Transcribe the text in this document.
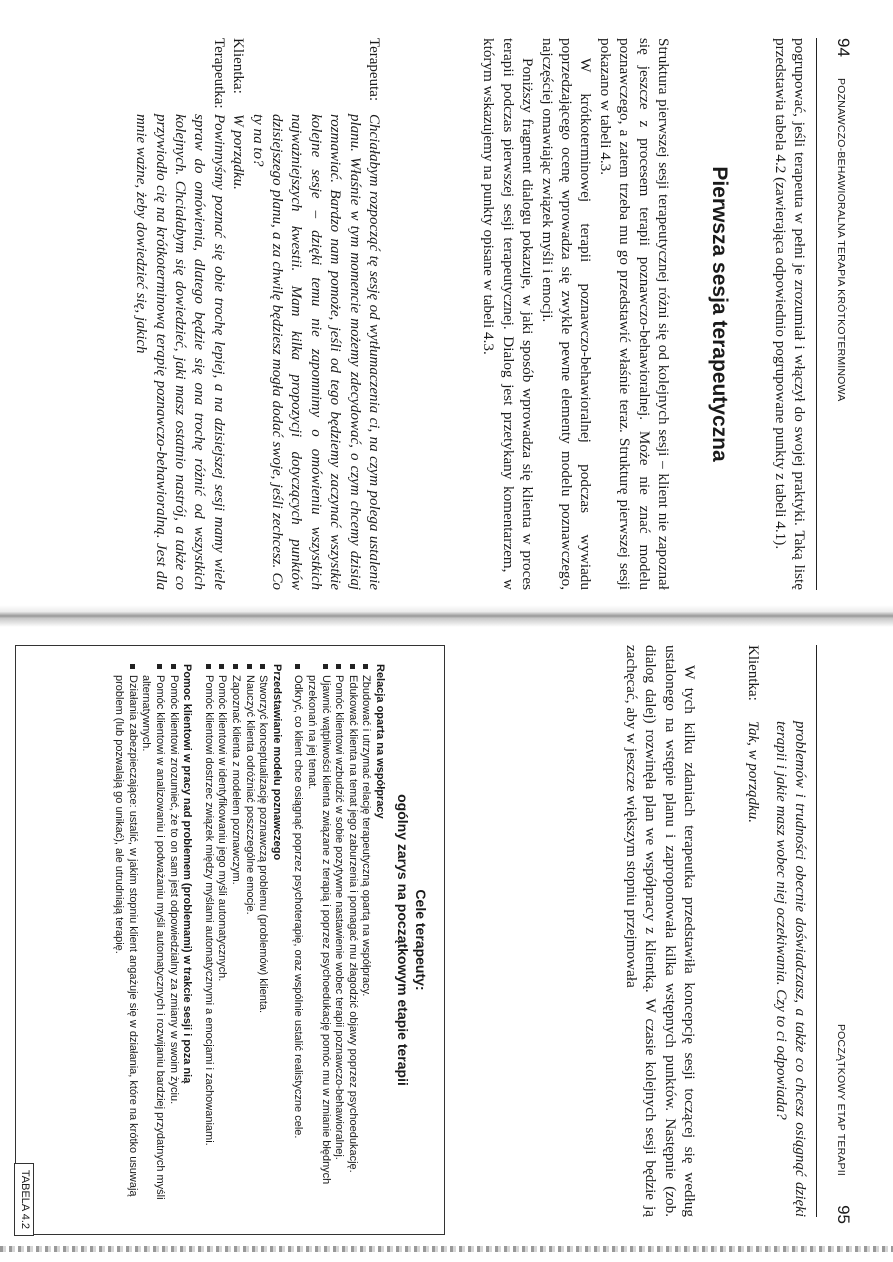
94
POZNAWCZO-BEHAWIORALNA TERAPIA KRÓTKOTERMINOWA

pogrupować, jeśli terapeuta w pełni je zrozumiał i włączył do swojej praktyki. Taką listę przedstawia tabela 4.2 (zawierająca odpowiednio pogrupowane punkty z tabeli 4.1).

Pierwsza sesja terapeutyczna

Struktura pierwszej sesji terapeutycznej różni się od kolejnych sesji – klient nie zapoznał się jeszcze z procesem terapii poznawczo-behawioralnej. Może nie znać modelu poznawczego, a zatem trzeba mu go przedstawić właśnie teraz. Strukturę pierwszej sesji pokazano w tabeli 4.3.

W krótkoterminowej terapii poznawczo-behawioralnej podczas wywiadu poprzedzającego ocenę wprowadza się zwykle pewne elementy modelu poznawczego, najczęściej omawiając związek myśli i emocji.

Poniższy fragment dialogu pokazuje, w jaki sposób wprowadza się klienta w proces terapii podczas pierwszej sesji terapeutycznej. Dialog jest przetykany komentarzem, w którym wskazujemy na punkty opisane w tabeli 4.3.

Terapeuta:
Chciałabym rozpocząć tę sesję od wytłumaczenia ci, na czym polega ustalenie planu. Właśnie w tym momencie możemy zdecydować, o czym chcemy dzisiaj rozmawiać. Bardzo nam pomoże, jeśli od tego będziemy zaczynać wszystkie kolejne sesje – dzięki temu nie zapomnimy o omówieniu wszystkich najważniejszych kwestii. Mam kilka propozycji dotyczących punktów dzisiejszego planu, a za chwilę będziesz mogła dodać swoje, jeśli zechcesz. Co ty na to?
Klientka:
W porządku.
Terapeutka:
Powinnyśmy poznać się obie trochę lepiej, a na dzisiejszej sesji mamy wiele spraw do omówienia, dlatego będzie się ona trochę różnić od wszystkich kolejnych. Chciałabym się dowiedzieć, jaki masz ostatnio nastrój, a także co przywiodło cię na krótkoterminową terapię poznawczo-behawioralną. Jest dla mnie ważne, żeby dowiedzieć się, jakich
POCZĄTKOWY ETAP TERAPII
95
problemów i trudności obecnie doświadczasz, a także co chcesz osiągnąć dzięki terapii i jakie masz wobec niej oczekiwania. Czy to ci odpowiada?
Klientka:
Tak, w porządku.

W tych kilku zdaniach terapeutka przedstawiła koncepcję sesji toczącej się według ustalonego na wstępie planu i zaproponowała kilka wstępnych punktów. Następnie (zob. dialog dalej) rozwinęła plan we współpracy z klientką. W czasie kolejnych sesji będzie ją zachęcać, aby w jeszcze większym stopniu przejmowała

Cele terapeuty:
ogólny zarys na początkowym etapie terapii
Relacja oparta na współpracy
Zbudować i utrzymać relację terapeutyczną opartą na współpracy.
Edukować klienta na temat jego zaburzenia i pomagać mu złagodzić objawy poprzez psychoedukację.
Pomóc klientowi wzbudzić w sobie pozytywne nastawienie wobec terapii poznawczo-behawioralnej.
Ujawnić wątpliwości klienta związane z terapią i poprzez psychoedukację pomóc mu w zmianie błędnych przekonań na jej temat.
Odkryć, co klient chce osiągnąć poprzez psychoterapię, oraz wspólnie ustalić realistyczne cele.
Przedstawianie modelu poznawczego
Stworzyć konceptualizację poznawczą problemu (problemów) klienta.
Nauczyć klienta odróżniać poszczególne emocje.
Zapoznać klienta z modelem poznawczym.
Pomóc klientowi w identyfikowaniu jego myśli automatycznych.
Pomóc klientowi dostrzec związek między myślami automatycznymi a emocjami i zachowaniami.
Pomoc klientowi w pracy nad problemem (problemami) w trakcie sesji i poza nią
Pomóc klientowi zrozumieć, że to on sam jest odpowiedzialny za zmiany w swoim życiu.
Pomóc klientowi w analizowaniu i podważaniu myśli automatycznych i rozwijaniu bardziej przydatnych myśli alternatywnych.
Działania zabezpieczające: ustalić, w jakim stopniu klient angażuje się w działania, które na krótko usuwają problem (lub pozwalają go unikać), ale utrudniają terapię.
TABELA 4.2
